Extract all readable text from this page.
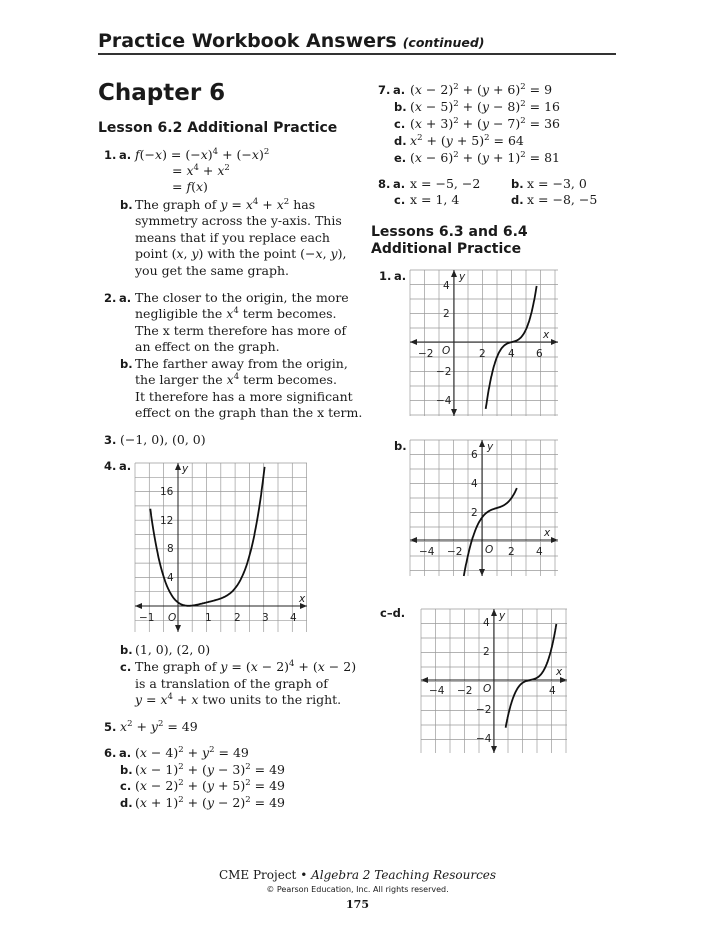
Practice Workbook Answers (continued)
Chapter 6
Lesson 6.2 Additional Practice
1. a. $f(-x) = (-x)^4 + (-x)^2$
= $x^4 + x^2$
= f(x)
b. The graph of $y = x^4 + x^2$ has
symmetry across the y-axis. This
means that if you replace each
point (x, y) with the point (−x, y),
you get the same graph.
2. a. The closer to the origin, the more
negligible the $x^4$ term becomes.
The x term therefore has more of
an effect on the graph.
b. The farther away from the origin,
the larger the $x^4$ term becomes.
It therefore has a more significant
effect on the graph than the x term.
3. (−1, 0), (0, 0)
4. a.	y
x
−1 O	1 2 3 4
16
12
8
4
b. (1, 0), (2, 0)
c. The graph of $y = (x - 2)^4 + (x - 2)$
is a translation of the graph of
$y = x^4 + x$ two units to the right.
5. $x^2 + y^2 = 49$
6. a. $(x - 4)^2 + y^2 = 49$
b. $(x - 1)^2 + (y - 3)^2 = 49$
c. $(x - 2)^2 + (y + 5)^2 = 49$
d. $(x + 1)^2 + (y - 2)^2 = 49$
7. a. $(x - 2)^2 + (y + 6)^2 = 9$
b. $(x - 5)^2 + (y - 8)^2 = 16$
c. $(x + 3)^2 + (y - 7)^2 = 36$
d. $x^2 + (y + 5)^2 = 64$
e. $(x - 6)^2 + (y + 1)^2 = 81$
8. a. x = −5, −2	b. x = −3, 0
c. x = 1, 4	d. x = −8, −5
Lessons 6.3 and 6.4
Additional Practice
1. a.	y
x
−2 O	2 4 6
4
2
−2
−4
b.	y
x
−4 −2 O 2 4
6
4
2
c–d.	y
x
−4 −2 O	4
4
2
−2
−4
CME Project • Algebra 2 Teaching Resources
© Pearson Education, Inc. All rights reserved.
175
